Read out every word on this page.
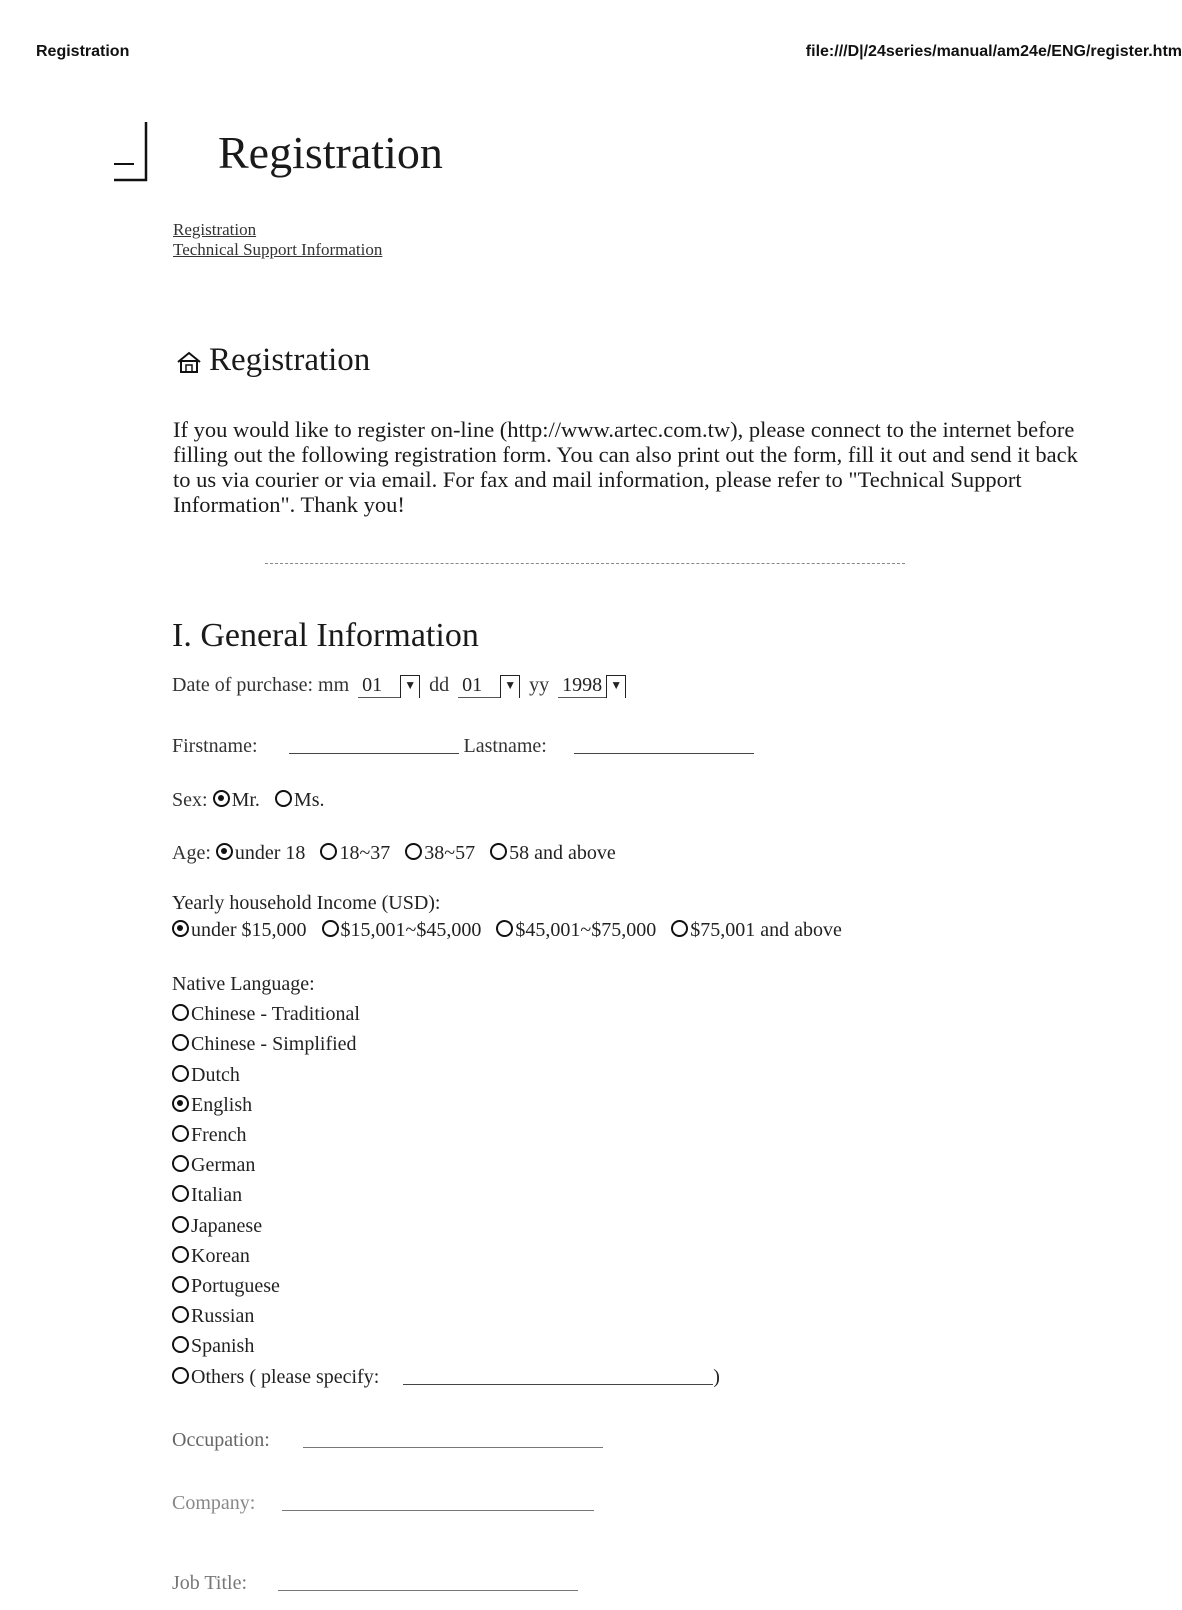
Registration	file:///D|/24series/manual/am24e/ENG/register.htm
Registration
Registration
Technical Support Information
Registration

If you would like to register on-line (http://www.artec.com.tw), please connect to the internet before filling out the following registration form. You can also print out the form, fill it out and send it back to us via courier or via email. For fax and mail information, please refer to "Technical Support Information". Thank you!

I. General Information
Date of purchase: mm 01 ▼ dd 01 ▼ yy 1998 ▼
Firstname:	Lastname:
Sex: Mr. Ms.
Age: under 18 18~37 38~57 58 and above
Yearly household Income (USD):
under $15,000 $15,001~$45,000 $45,001~$75,000 $75,001 and above
Native Language:
Chinese - Traditional
Chinese - Simplified
Dutch
English
French
German
Italian
Japanese
Korean
Portuguese
Russian
Spanish
Others ( please specify:	)
Occupation:
Company:
Job Title:
